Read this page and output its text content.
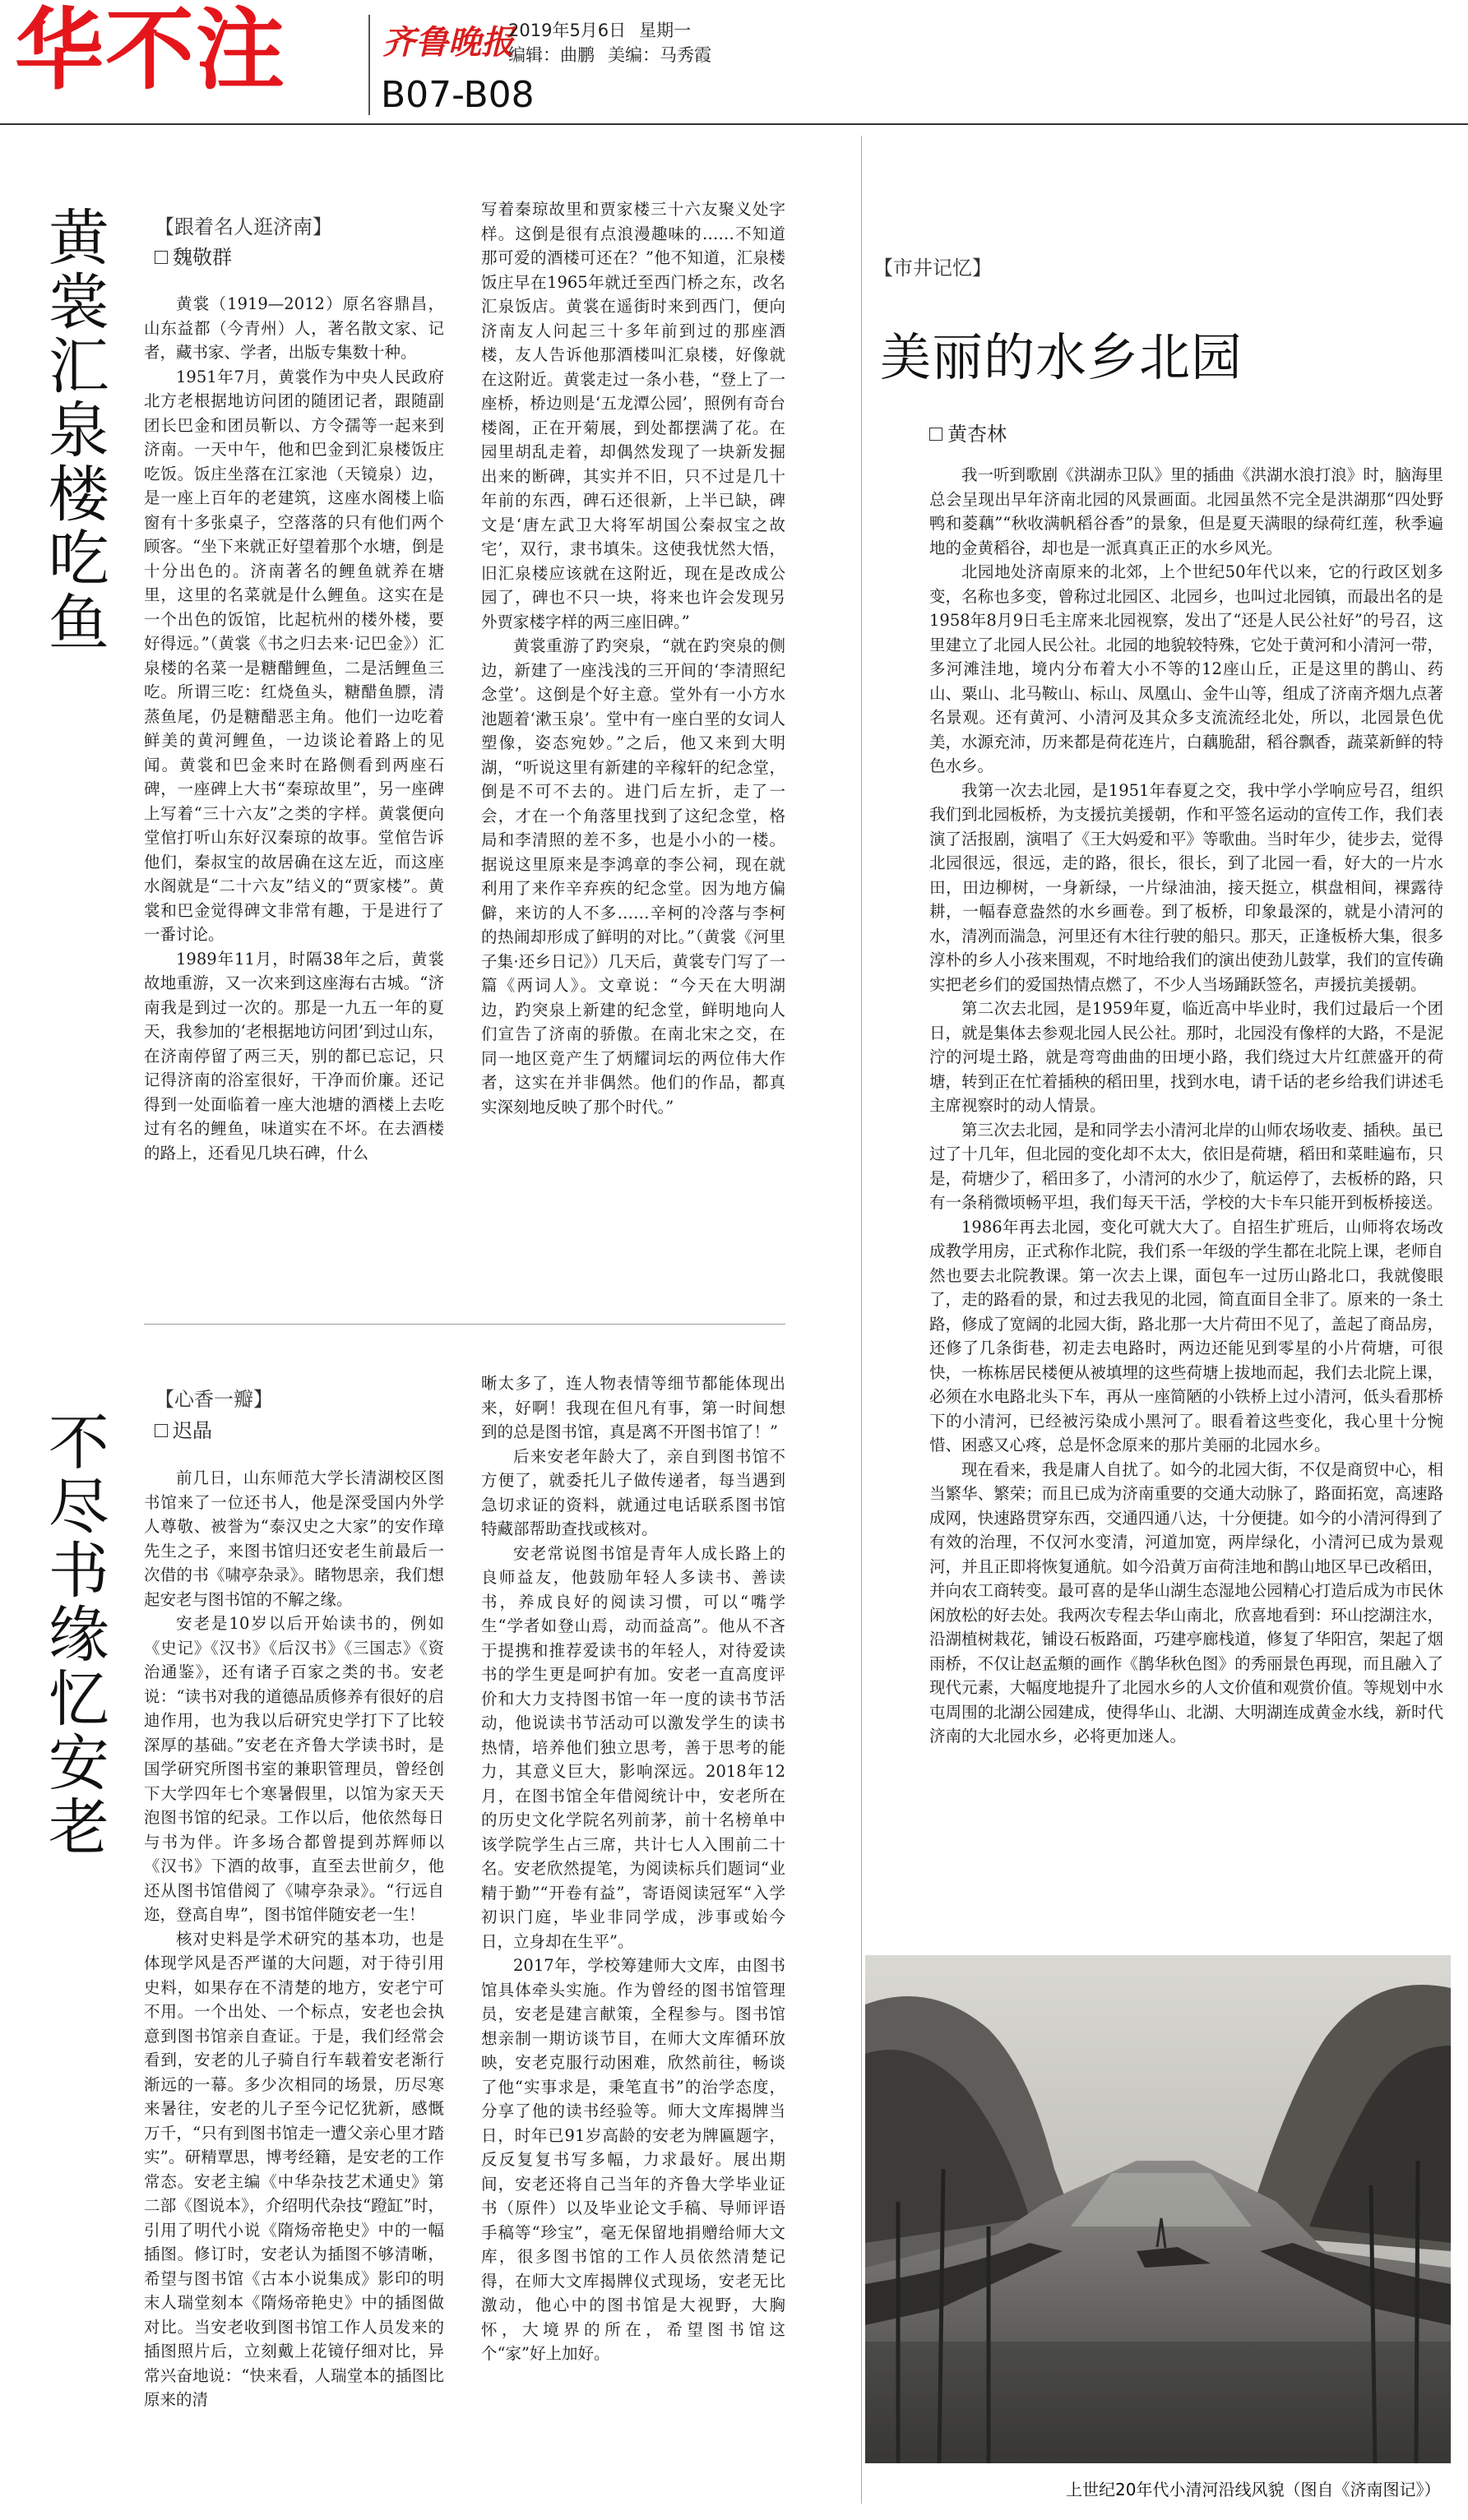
华不注	齐鲁晚报
2019年5月6日 星期一
编辑：曲鹏 美编：马秀霞
B07-B08
黄裳汇泉楼吃鱼 【跟着名人逛济南】
魏敬群

黄裳（1919—2012）原名容鼎昌，山东益都（今青州）人，著名散文家、记者，藏书家、学者，出版专集数十种。

1951年7月，黄裳作为中央人民政府北方老根据地访问团的随团记者，跟随副团长巴金和团员靳以、方令孺等一起来到济南。一天中午，他和巴金到汇泉楼饭庄吃饭。饭庄坐落在江家池（天镜泉）边，是一座上百年的老建筑，这座水阁楼上临窗有十多张桌子，空落落的只有他们两个顾客。“坐下来就正好望着那个水塘，倒是十分出色的。济南著名的鲤鱼就养在塘里，这里的名菜就是什么鲤鱼。这实在是一个出色的饭馆，比起杭州的楼外楼，要好得远。”（黄裳《书之归去来·记巴金》）汇泉楼的名菜一是糖醋鲤鱼，二是活鲤鱼三吃。所谓三吃：红烧鱼头，糖醋鱼膘，清蒸鱼尾，仍是糖醋恶主角。他们一边吃着鲜美的黄河鲤鱼，一边谈论着路上的见闻。黄裳和巴金来时在路侧看到两座石碑，一座碑上大书“秦琼故里”，另一座碑上写着“三十六友”之类的字样。黄裳便向堂倌打听山东好汉秦琼的故事。堂倌告诉他们，秦叔宝的故居确在这左近，而这座水阁就是“二十六友”结义的“贾家楼”。黄裳和巴金觉得碑文非常有趣，于是进行了一番讨论。

1989年11月，时隔38年之后，黄裳故地重游，又一次来到这座海右古城。“济南我是到过一次的。那是一九五一年的夏天，我参加的‘老根据地访问团’到过山东，在济南停留了两三天，别的都已忘记，只记得济南的浴室很好，干净而价廉。还记得到一处面临着一座大池塘的酒楼上去吃过有名的鲤鱼，味道实在不坏。在去酒楼的路上，还看见几块石碑，什么

写着秦琼故里和贾家楼三十六友聚义处字样。这倒是很有点浪漫趣味的……不知道那可爱的酒楼可还在？”他不知道，汇泉楼饭庄早在1965年就迁至西门桥之东，改名汇泉饭店。黄裳在遥街时来到西门，便向济南友人问起三十多年前到过的那座酒楼，友人告诉他那酒楼叫汇泉楼，好像就在这附近。黄裳走过一条小巷，“登上了一座桥，桥边则是‘五龙潭公园’，照例有奇台楼阁，正在开菊展，到处都摆满了花。在园里胡乱走着，却偶然发现了一块新发掘出来的断碑，其实并不旧，只不过是几十年前的东西，碑石还很新，上半已缺，碑文是‘唐左武卫大将军胡国公秦叔宝之故宅’，双行，隶书填朱。这使我忧然大悟，旧汇泉楼应该就在这附近，现在是改成公园了，碑也不只一块，将来也许会发现另外贾家楼字样的两三座旧碑。”

黄裳重游了趵突泉，“就在趵突泉的侧边，新建了一座浅浅的三开间的‘李清照纪念堂’。这倒是个好主意。堂外有一小方水池题着‘漱玉泉’。堂中有一座白垩的女词人塑像，姿态宛妙。”之后，他又来到大明湖，“听说这里有新建的辛稼轩的纪念堂，倒是不可不去的。进门后左折，走了一会，才在一个角落里找到了这纪念堂，格局和李清照的差不多，也是小小的一楼。据说这里原来是李鸿章的李公祠，现在就利用了来作辛弃疾的纪念堂。因为地方偏僻，来访的人不多……辛柯的冷落与李柯的热闹却形成了鲜明的对比。”（黄裳《河里子集·还乡日记》）几天后，黄裳专门写了一篇《两词人》。文章说：“今天在大明湖边，趵突泉上新建的纪念堂，鲜明地向人们宣告了济南的骄傲。在南北宋之交，在同一地区竟产生了炳耀词坛的两位伟大作者，这实在并非偶然。他们的作品，都真实深刻地反映了那个时代。”

不尽书缘忆安老
【心香一瓣】
迟晶

前几日，山东师范大学长清湖校区图书馆来了一位还书人，他是深受国内外学人尊敬、被誉为“泰汉史之大家”的安作璋先生之子，来图书馆归还安老生前最后一次借的书《啸亭杂录》。睹物思亲，我们想起安老与图书馆的不解之缘。

安老是10岁以后开始读书的，例如《史记》《汉书》《后汉书》《三国志》《资治通鉴》，还有诸子百家之类的书。安老说：“读书对我的道德品质修养有很好的启迪作用，也为我以后研究史学打下了比较深厚的基础。”安老在齐鲁大学读书时，是国学研究所图书室的兼职管理员，曾经创下大学四年七个寒暑假里，以馆为家天天泡图书馆的纪录。工作以后，他依然每日与书为伴。许多场合都曾提到苏辉师以《汉书》下酒的故事，直至去世前夕，他还从图书馆借阅了《啸亭杂录》。“行远自迩，登高自卑”，图书馆伴随安老一生！

核对史料是学术研究的基本功，也是体现学风是否严谨的大问题，对于待引用史料，如果存在不清楚的地方，安老宁可不用。一个出处、一个标点，安老也会执意到图书馆亲自查证。于是，我们经常会看到，安老的儿子骑自行车载着安老渐行渐远的一幕。多少次相同的场景，历尽寒来暑往，安老的儿子至今记忆犹新，感慨万千，“只有到图书馆走一遭父亲心里才踏实”。研精覃思，博考经籍，是安老的工作常态。安老主编《中华杂技艺术通史》第二部《图说本》，介绍明代杂技“蹬缸”时，引用了明代小说《隋炀帝艳史》中的一幅插图。修订时，安老认为插图不够清晰，希望与图书馆《古本小说集成》影印的明末人瑞堂刻本《隋炀帝艳史》中的插图做对比。当安老收到图书馆工作人员发来的插图照片后，立刻戴上花镜仔细对比，异常兴奋地说：“快来看，人瑞堂本的插图比原来的清

晰太多了，连人物表情等细节都能体现出来，好啊！我现在但凡有事，第一时间想到的总是图书馆，真是离不开图书馆了！”

后来安老年龄大了，亲自到图书馆不方便了，就委托儿子做传递者，每当遇到急切求证的资料，就通过电话联系图书馆特藏部帮助查找或核对。

安老常说图书馆是青年人成长路上的良师益友，他鼓励年轻人多读书、善读书，养成良好的阅读习惯，可以“嘴学生“学者如登山焉，动而益高”。他从不吝于提携和推荐爱读书的年轻人，对待爱读书的学生更是呵护有加。安老一直高度评价和大力支持图书馆一年一度的读书节活动，他说读书节活动可以激发学生的读书热情，培养他们独立思考，善于思考的能力，其意义巨大，影响深远。2018年12月，在图书馆全年借阅统计中，安老所在的历史文化学院名列前茅，前十名榜单中该学院学生占三席，共计七人入围前二十名。安老欣然提笔，为阅读标兵们题词“业精于勤”“开卷有益”，寄语阅读冠军“入学初识门庭，毕业非同学成，涉事或始今日，立身却在生平”。

2017年，学校筹建师大文库，由图书馆具体牵头实施。作为曾经的图书馆管理员，安老是建言献策，全程参与。图书馆想亲制一期访谈节目，在师大文库循环放映，安老克服行动困难，欣然前往，畅谈了他“实事求是，秉笔直书”的治学态度，分享了他的读书经验等。师大文库揭牌当日，时年已91岁高龄的安老为牌匾题字，反反复复书写多幅，力求最好。展出期间，安老还将自己当年的齐鲁大学毕业证书（原件）以及毕业论文手稿、导师评语手稿等“珍宝”，毫无保留地捐赠给师大文库，很多图书馆的工作人员依然清楚记得，在师大文库揭牌仪式现场，安老无比激动，他心中的图书馆是大视野，大胸怀，大境界的所在，希望图书馆这个“家”好上加好。

【市井记忆】
美丽的水乡北园
黄杏林

我一听到歌剧《洪湖赤卫队》里的插曲《洪湖水浪打浪》时，脑海里总会呈现出早年济南北园的风景画面。北园虽然不完全是洪湖那“四处野鸭和菱藕”“秋收满帆稻谷香”的景象，但是夏天满眼的绿荷红莲，秋季遍地的金黄稻谷，却也是一派真真正正的水乡风光。

北园地处济南原来的北郊，上个世纪50年代以来，它的行政区划多变，名称也多变，曾称过北园区、北园乡，也叫过北园镇，而最出名的是1958年8月9日毛主席来北园视察，发出了“还是人民公社好”的号召，这里建立了北园人民公社。北园的地貌较特殊，它处于黄河和小清河一带，多河滩洼地，境内分布着大小不等的12座山丘，正是这里的鹊山、药山、粟山、北马鞍山、标山、凤凰山、金牛山等，组成了济南齐烟九点著名景观。还有黄河、小清河及其众多支流流经北处，所以，北园景色优美，水源充沛，历来都是荷花连片，白藕脆甜，稻谷飘香，蔬菜新鲜的特色水乡。

我第一次去北园，是1951年春夏之交，我中学小学响应号召，组织我们到北园板桥，为支援抗美援朝，作和平签名运动的宣传工作，我们表演了活报剧，演唱了《王大妈爱和平》等歌曲。当时年少，徒步去，觉得北园很远，很远，走的路，很长，很长，到了北园一看，好大的一片水田，田边柳树，一身新绿，一片绿油油，接天挺立，棋盘相间，裸露待耕，一幅春意盎然的水乡画卷。到了板桥，印象最深的，就是小清河的水，清冽而湍急，河里还有木往行驶的船只。那天，正逢板桥大集，很多淳朴的乡人小孩来围观，不时地给我们的演出使劲儿鼓掌，我们的宣传确实把老乡们的爱国热情点燃了，不少人当场踊跃签名，声援抗美援朝。

第二次去北园，是1959年夏，临近高中毕业时，我们过最后一个团日，就是集体去参观北园人民公社。那时，北园没有像样的大路，不是泥泞的河堤土路，就是弯弯曲曲的田埂小路，我们绕过大片红蔗盛开的荷塘，转到正在忙着插秧的稻田里，找到水电，请千话的老乡给我们讲述毛主席视察时的动人情景。

第三次去北园，是和同学去小清河北岸的山师农场收麦、插秧。虽已过了十几年，但北园的变化却不太大，依旧是荷塘，稻田和菜畦遍布，只是，荷塘少了，稻田多了，小清河的水少了，航运停了，去板桥的路，只有一条稍微顷畅平坦，我们每天干活，学校的大卡车只能开到板桥接送。

1986年再去北园，变化可就大大了。自招生扩班后，山师将农场改成教学用房，正式称作北院，我们系一年级的学生都在北院上课，老师自然也要去北院教课。第一次去上课，面包车一过历山路北口，我就傻眼了，走的路看的景，和过去我见的北园，简直面目全非了。原来的一条土路，修成了宽阔的北园大街，路北那一大片荷田不见了，盖起了商品房，还修了几条街巷，初走去电路时，两边还能见到零星的小片荷塘，可很快，一栋栋居民楼便从被填埋的这些荷塘上拔地而起，我们去北院上课，必须在水电路北头下车，再从一座简陋的小铁桥上过小清河，低头看那桥下的小清河，已经被污染成小黑河了。眼看着这些变化，我心里十分惋惜、困惑又心疼，总是怀念原来的那片美丽的北园水乡。

现在看来，我是庸人自扰了。如今的北园大街，不仅是商贸中心，相当繁华、繁荣；而且已成为济南重要的交通大动脉了，路面拓宽，高速路成网，快速路贯穿东西，交通四通八达，十分便捷。如今的小清河得到了有效的治理，不仅河水变清，河道加宽，两岸绿化，小清河已成为景观河，并且正即将恢复通航。如今沿黄万亩荷洼地和鹊山地区早已改稻田，并向农工商转变。最可喜的是华山湖生态湿地公园精心打造后成为市民休闲放松的好去处。我两次专程去华山南北，欣喜地看到：环山挖湖注水，沿湖植树栽花，铺设石板路面，巧建亭廊栈道，修复了华阳宫，架起了烟雨桥，不仅让赵孟頫的画作《鹊华秋色图》的秀丽景色再现，而且融入了现代元素，大幅度地提升了北园水乡的人文价值和观赏价值。等规划中水屯周围的北湖公园建成，使得华山、北湖、大明湖连成黄金水线，新时代济南的大北园水乡，必将更加迷人。

上世纪20年代小清河沿线风貌（图自《济南图记》）
